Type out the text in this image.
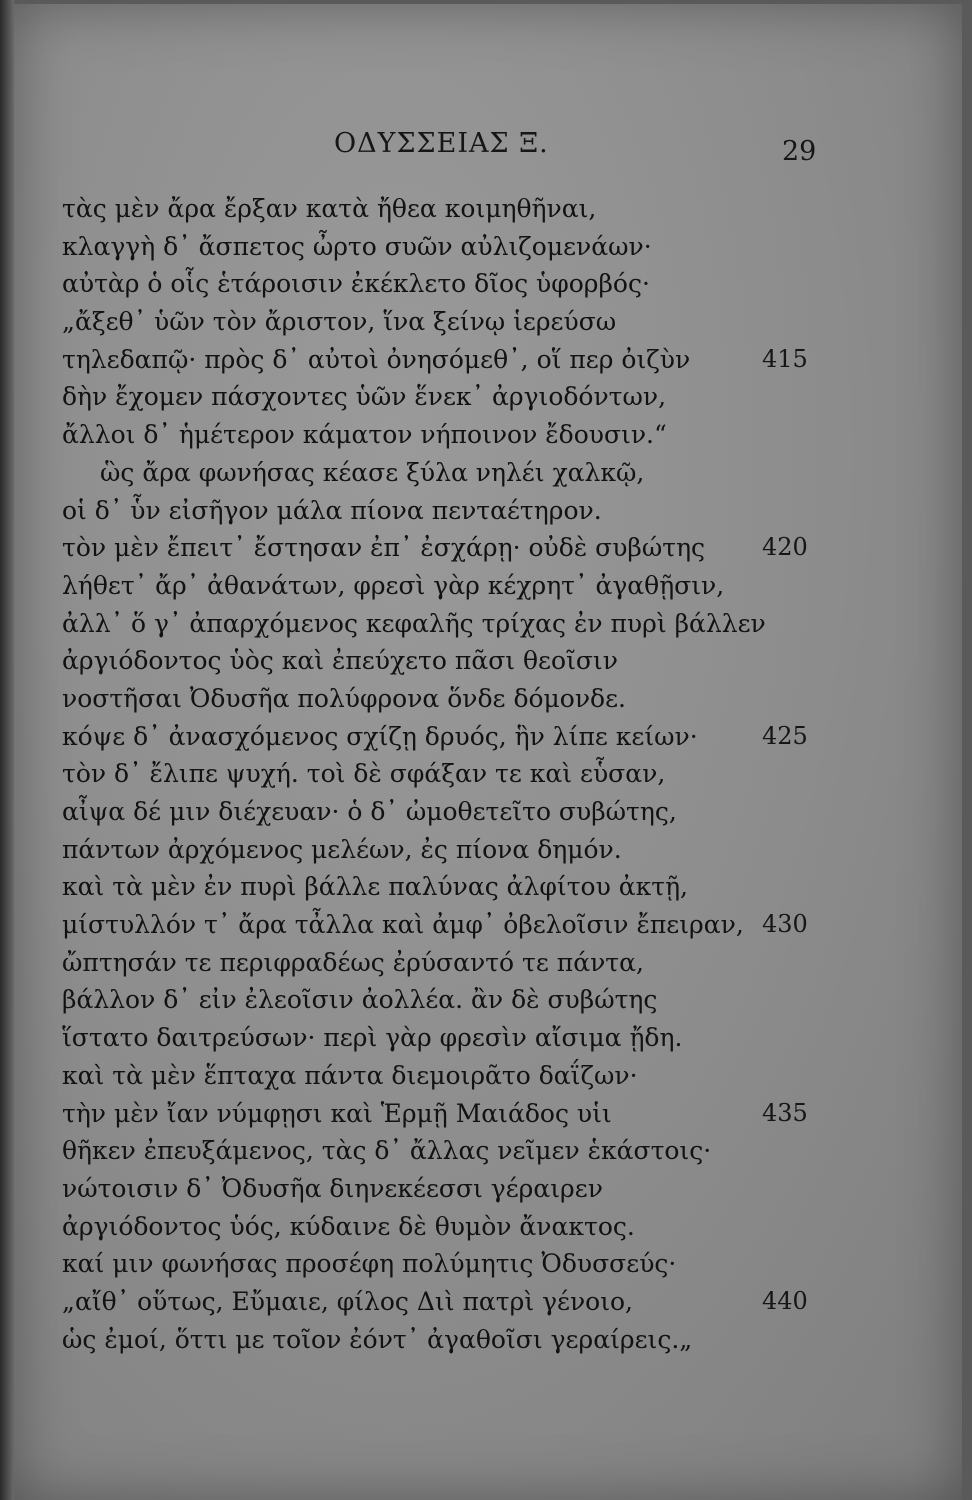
ΟΔΥΣΣΕΙΑΣ Ξ.	29
τὰς μὲν ἄρα ἔρξαν κατὰ ἤθεα κοιμηθῆναι,
κλαγγὴ δ᾽ ἄσπετος ὦρτο συῶν αὐλιζομενάων·
αὐτὰρ ὁ οἷς ἑτάροισιν ἐκέκλετο δῖος ὑφορβός·
„ἄξεθ᾽ ὑῶν τὸν ἄριστον, ἵνα ξείνῳ ἱερεύσω
τηλεδαπῷ· πρὸς δ᾽ αὐτοὶ ὀνησόμεθ᾽, οἵ περ ὀιζὺν	415
δὴν ἔχομεν πάσχοντες ὑῶν ἕνεκ᾽ ἀργιοδόντων,
ἄλλοι δ᾽ ἡμέτερον κάματον νήποινον ἔδουσιν.“
ὣς ἄρα φωνήσας κέασε ξύλα νηλέι χαλκῷ,
οἱ δ᾽ ὗν εἰσῆγον μάλα πίονα πενταέτηρον.
τὸν μὲν ἔπειτ᾽ ἔστησαν ἐπ᾽ ἐσχάρῃ· οὐδὲ συβώτης 420
λήθετ᾽ ἄρ᾽ ἀθανάτων, φρεσὶ γὰρ κέχρητ᾽ ἀγαθῇσιν,
ἀλλ᾽ ὅ γ᾽ ἀπαρχόμενος κεφαλῆς τρίχας ἐν πυρὶ βάλλεν
ἀργιόδοντος ὑὸς καὶ ἐπεύχετο πᾶσι θεοῖσιν
νοστῆσαι Ὀδυσῆα πολύφρονα ὅνδε δόμονδε.
κόψε δ᾽ ἀνασχόμενος σχίζῃ δρυός, ἣν λίπε κείων·	425
τὸν δ᾽ ἔλιπε ψυχή. τοὶ δὲ σφάξαν τε καὶ εὗσαν,
αἶψα δέ μιν διέχευαν· ὁ δ᾽ ὠμοθετεῖτο συβώτης,
πάντων ἀρχόμενος μελέων, ἐς πίονα δημόν.
καὶ τὰ μὲν ἐν πυρὶ βάλλε παλύνας ἀλφίτου ἀκτῇ,
μίστυλλόν τ᾽ ἄρα τἆλλα καὶ ἀμφ᾽ ὀβελοῖσιν ἔπειραν, 430
ὤπτησάν τε περιφραδέως ἐρύσαντό τε πάντα,
βάλλον δ᾽ εἰν ἐλεοῖσιν ἀολλέα. ἂν δὲ συβώτης
ἵστατο δαιτρεύσων· περὶ γὰρ φρεσὶν αἴσιμα ᾔδη.
καὶ τὰ μὲν ἕπταχα πάντα διεμοιρᾶτο δαΐζων·
τὴν μὲν ἴαν νύμφῃσι καὶ Ἑρμῇ Μαιάδος υἱι	435
θῆκεν ἐπευξάμενος, τὰς δ᾽ ἄλλας νεῖμεν ἑκάστοις·
νώτοισιν δ᾽ Ὀδυσῆα διηνεκέεσσι γέραιρεν
ἀργιόδοντος ὑός, κύδαινε δὲ θυμὸν ἄνακτος.
καί μιν φωνήσας προσέφη πολύμητις Ὀδυσσεύς·
„αἴθ᾽ οὕτως, Εὔμαιε, φίλος Διὶ πατρὶ γένοιο,	440
ὡς ἐμοί, ὅττι με τοῖον ἐόντ᾽ ἀγαθοῖσι γεραίρεις.„
